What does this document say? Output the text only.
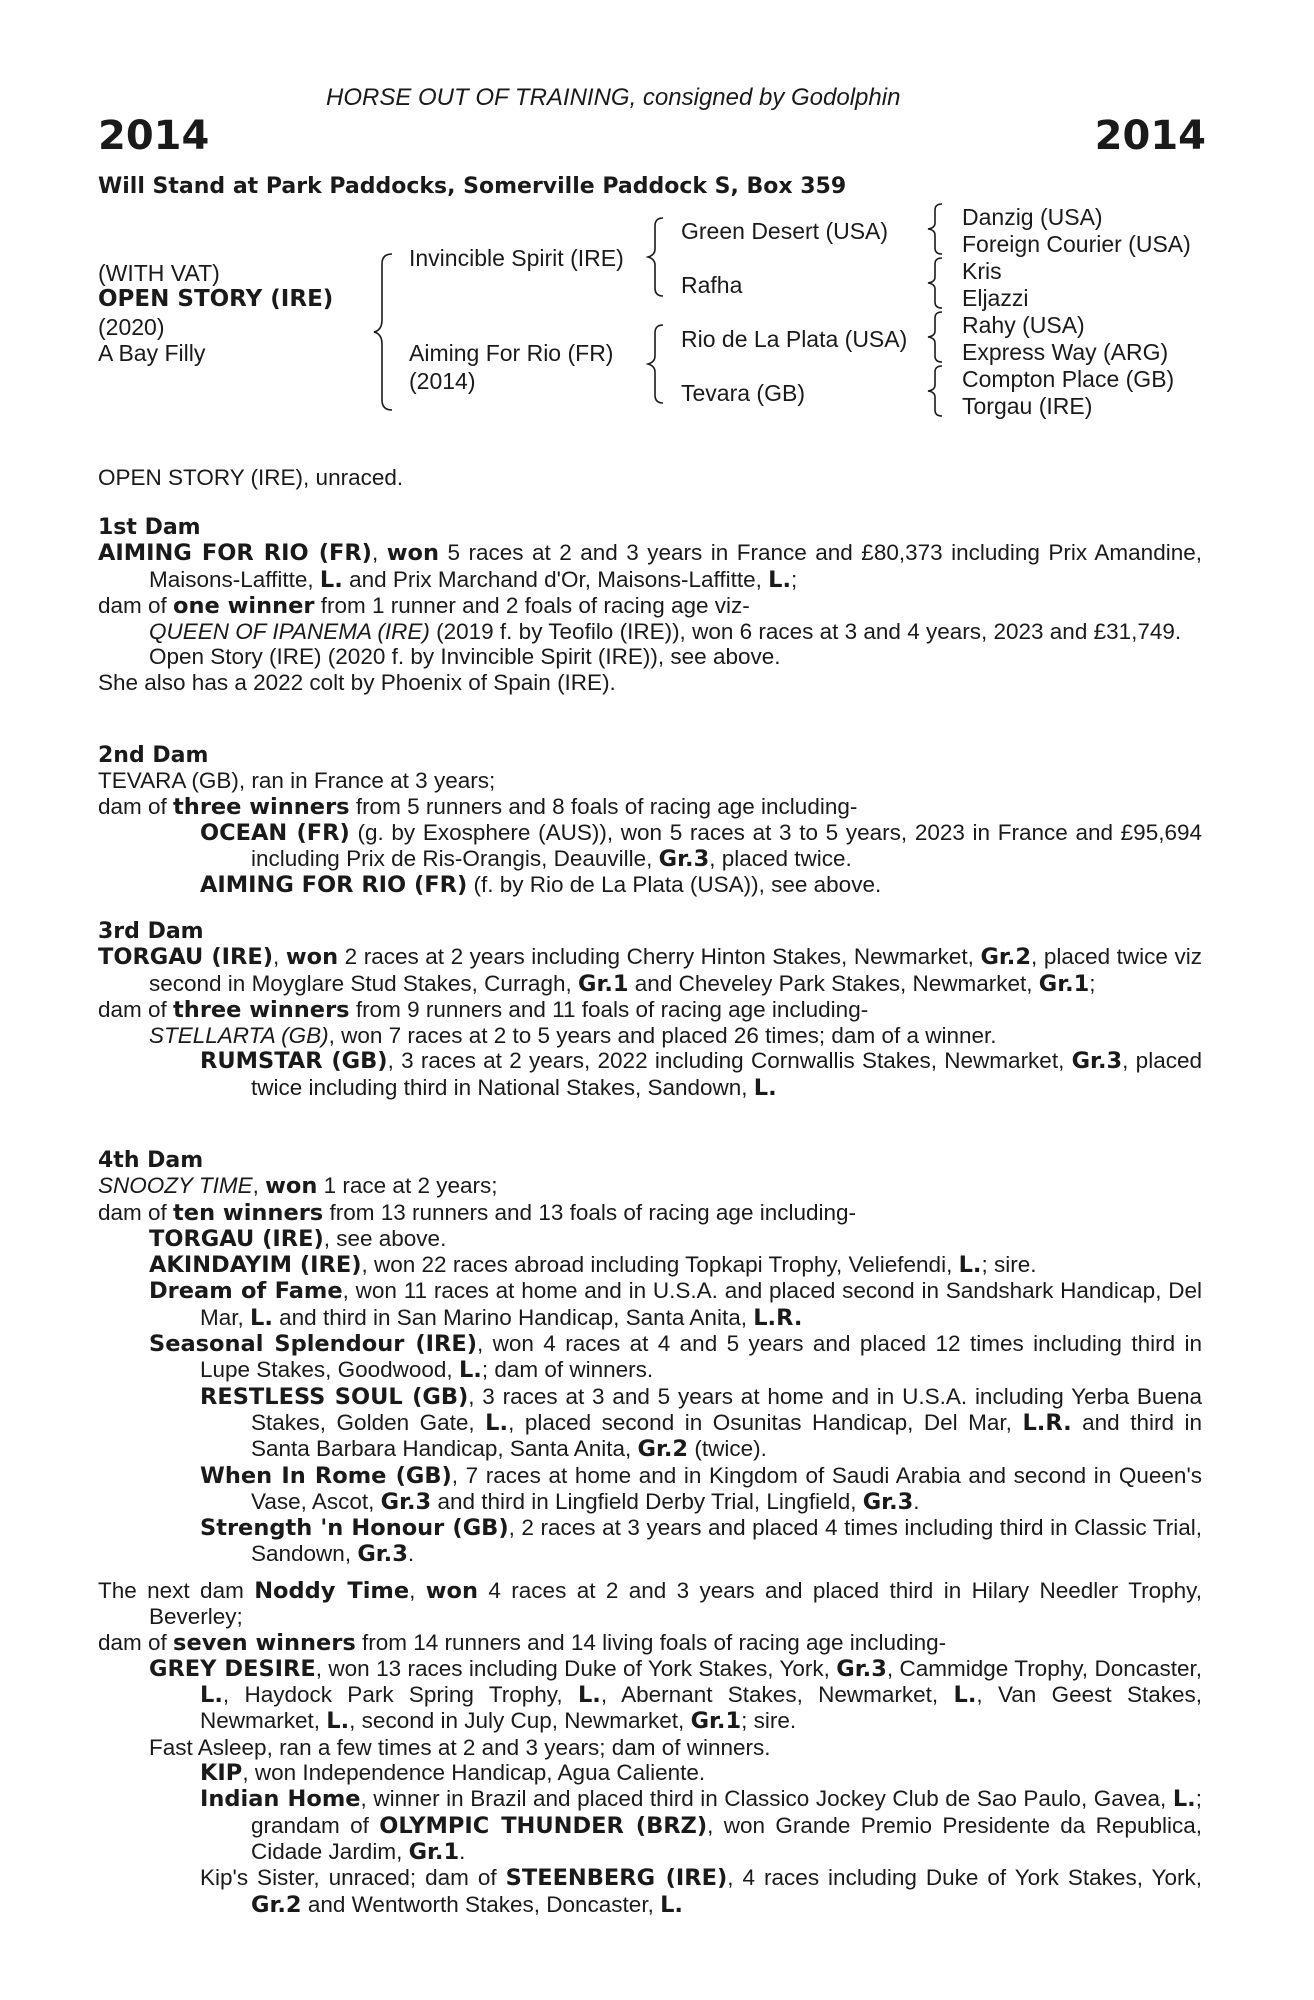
HORSE OUT OF TRAINING, consigned by Godolphin
2014	2014
Will Stand at Park Paddocks, Somerville Paddock S, Box 359
(WITH VAT)
OPEN STORY (IRE)
(2020)
A Bay Filly
Invincible Spirit (IRE)
Aiming For Rio (FR)
(2014)
Green Desert (USA)
Rafha
Rio de La Plata (USA)
Tevara (GB)
Danzig (USA)
Foreign Courier (USA)
Kris
Eljazzi
Rahy (USA)
Express Way (ARG)
Compton Place (GB)
Torgau (IRE)
OPEN STORY (IRE), unraced.
1st Dam
AIMING FOR RIO (FR), won 5 races at 2 and 3 years in France and £80,373 including Prix Amandine, Maisons-Laffitte, L. and Prix Marchand d'Or, Maisons-Laffitte, L.;
dam of one winner from 1 runner and 2 foals of racing age viz-
QUEEN OF IPANEMA (IRE) (2019 f. by Teofilo (IRE)), won 6 races at 3 and 4 years, 2023 and £31,749.
Open Story (IRE) (2020 f. by Invincible Spirit (IRE)), see above.
She also has a 2022 colt by Phoenix of Spain (IRE).
2nd Dam
TEVARA (GB), ran in France at 3 years;
dam of three winners from 5 runners and 8 foals of racing age including-
OCEAN (FR) (g. by Exosphere (AUS)), won 5 races at 3 to 5 years, 2023 in France and £95,694 including Prix de Ris-Orangis, Deauville, Gr.3, placed twice.
AIMING FOR RIO (FR) (f. by Rio de La Plata (USA)), see above.
3rd Dam
TORGAU (IRE), won 2 races at 2 years including Cherry Hinton Stakes, Newmarket, Gr.2, placed twice viz second in Moyglare Stud Stakes, Curragh, Gr.1 and Cheveley Park Stakes, Newmarket, Gr.1;
dam of three winners from 9 runners and 11 foals of racing age including-
STELLARTA (GB), won 7 races at 2 to 5 years and placed 26 times; dam of a winner.
RUMSTAR (GB), 3 races at 2 years, 2022 including Cornwallis Stakes, Newmarket, Gr.3, placed twice including third in National Stakes, Sandown, L.
4th Dam
SNOOZY TIME, won 1 race at 2 years;
dam of ten winners from 13 runners and 13 foals of racing age including-
TORGAU (IRE), see above.
AKINDAYIM (IRE), won 22 races abroad including Topkapi Trophy, Veliefendi, L.; sire.
Dream of Fame, won 11 races at home and in U.S.A. and placed second in Sandshark Handicap, Del Mar, L. and third in San Marino Handicap, Santa Anita, L.R.
Seasonal Splendour (IRE), won 4 races at 4 and 5 years and placed 12 times including third in Lupe Stakes, Goodwood, L.; dam of winners.
RESTLESS SOUL (GB), 3 races at 3 and 5 years at home and in U.S.A. including Yerba Buena Stakes, Golden Gate, L., placed second in Osunitas Handicap, Del Mar, L.R. and third in Santa Barbara Handicap, Santa Anita, Gr.2 (twice).
When In Rome (GB), 7 races at home and in Kingdom of Saudi Arabia and second in Queen's Vase, Ascot, Gr.3 and third in Lingfield Derby Trial, Lingfield, Gr.3.
Strength 'n Honour (GB), 2 races at 3 years and placed 4 times including third in Classic Trial, Sandown, Gr.3.
The next dam Noddy Time, won 4 races at 2 and 3 years and placed third in Hilary Needler Trophy, Beverley;
dam of seven winners from 14 runners and 14 living foals of racing age including-
GREY DESIRE, won 13 races including Duke of York Stakes, York, Gr.3, Cammidge Trophy, Doncaster, L., Haydock Park Spring Trophy, L., Abernant Stakes, Newmarket, L., Van Geest Stakes, Newmarket, L., second in July Cup, Newmarket, Gr.1; sire.
Fast Asleep, ran a few times at 2 and 3 years; dam of winners.
KIP, won Independence Handicap, Agua Caliente.
Indian Home, winner in Brazil and placed third in Classico Jockey Club de Sao Paulo, Gavea, L.; grandam of OLYMPIC THUNDER (BRZ), won Grande Premio Presidente da Republica, Cidade Jardim, Gr.1.
Kip's Sister, unraced; dam of STEENBERG (IRE), 4 races including Duke of York Stakes, York, Gr.2 and Wentworth Stakes, Doncaster, L.
